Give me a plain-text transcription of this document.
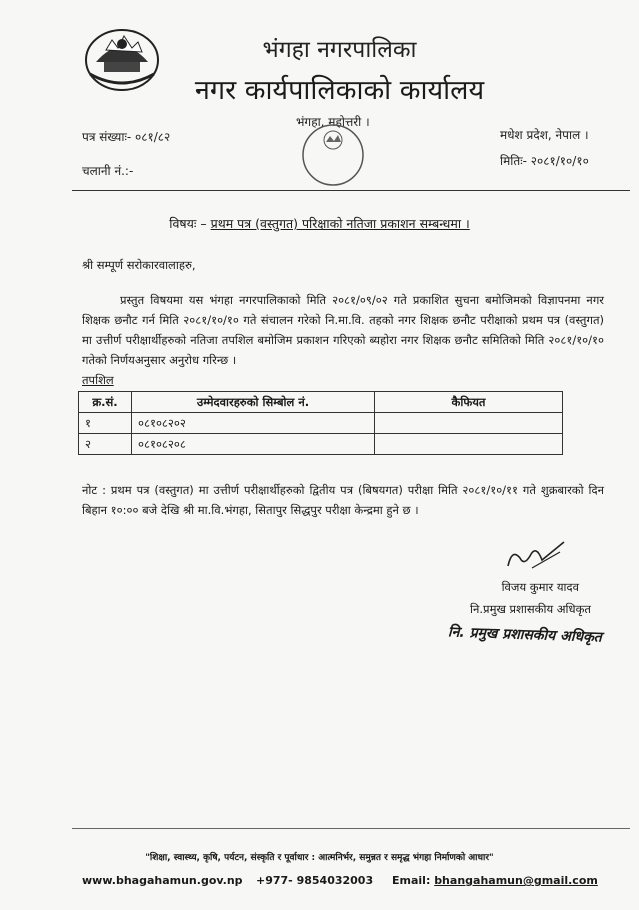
भंगहा नगरपालिका
नगर कार्यपालिकाको कार्यालय
पत्र संख्याः- ०८१/८२
चलानी नं.:-
भंगहा, महोत्तरी ।
मधेश प्रदेश, नेपाल ।
मितिः- २०८१/१०/१०
विषयः – प्रथम पत्र (वस्तुगत) परिक्षाको नतिजा प्रकाशन सम्बन्धमा ।
श्री सम्पूर्ण सरोकारवालाहरु,

प्रस्तुत विषयमा यस भंगहा नगरपालिकाको मिति २०८१/०९/०२ गते प्रकाशित सुचना बमोजिमको विज्ञापनमा नगर शिक्षक छनौट गर्न मिति २०८१/१०/१० गते संचालन गरेको नि.मा.वि. तहको नगर शिक्षक छनौट परीक्षाको प्रथम पत्र (वस्तुगत) मा उत्तीर्ण परीक्षार्थीहरुको नतिजा तपशिल बमोजिम प्रकाशन गरिएको ब्यहोरा नगर शिक्षक छनौट समितिको मिति २०८१/१०/१० गतेको निर्णयअनुसार अनुरोध गरिन्छ ।

तपशिल
क्र.सं.	उम्मेदवारहरुको सिम्बोल नं.	कैफियत
१	०८१०८२०२	
२	०८१०८२०८	
नोट : प्रथम पत्र (वस्तुगत) मा उत्तीर्ण परीक्षार्थीहरुको द्वितीय पत्र (बिषयगत) परीक्षा मिति २०८१/१०/११ गते शुक्रबारको दिन बिहान १०:०० बजे देखि श्री मा.वि.भंगहा, सितापुर सिद्धपुर परीक्षा केन्द्रमा हुने छ ।
विजय कुमार यादव
नि.प्रमुख प्रशासकीय अधिकृत
नि. प्रमुख प्रशासकीय अधिकृत
"शिक्षा, स्वास्थ्य, कृषि, पर्यटन, संस्कृति र पूर्वाधार : आत्मनिर्भर, समुन्नत र समृद्ध भंगहा निर्माणको आधार"
www.bhagahamun.gov.np +977- 9854032003 Email: bhangahamun@gmail.com
